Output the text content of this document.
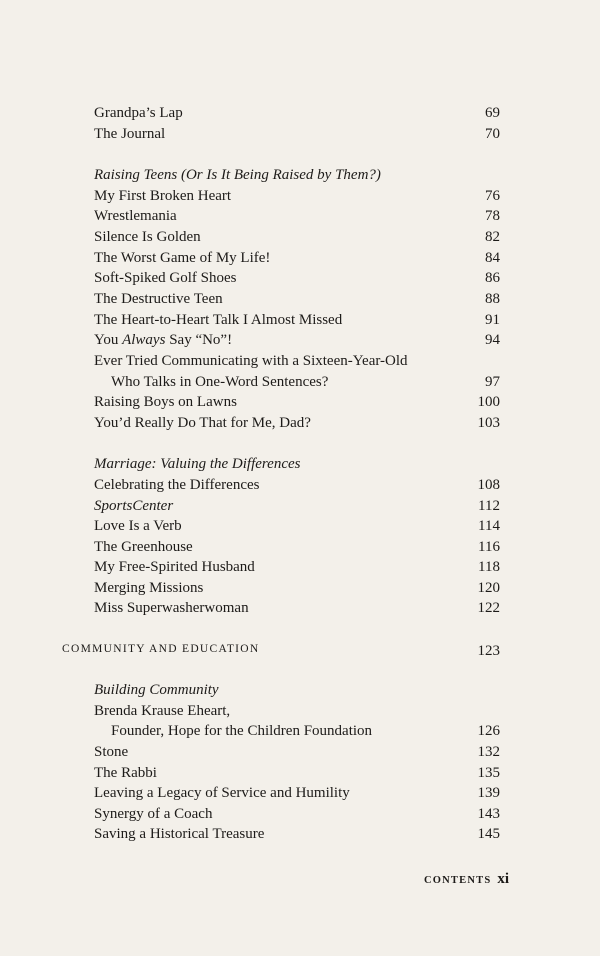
Grandpa’s Lap	69
The Journal	70
Raising Teens (Or Is It Being Raised by Them?)
My First Broken Heart	76
Wrestlemania	78
Silence Is Golden	82
The Worst Game of My Life!	84
Soft-Spiked Golf Shoes	86
The Destructive Teen	88
The Heart-to-Heart Talk I Almost Missed	91
You Always Say “No”!	94
Ever Tried Communicating with a Sixteen-Year-Old
Who Talks in One-Word Sentences?	97
Raising Boys on Lawns	100
You’d Really Do That for Me, Dad?	103
Marriage: Valuing the Differences
Celebrating the Differences	108
SportsCenter	112
Love Is a Verb	114
The Greenhouse	116
My Free-Spirited Husband	118
Merging Missions	120
Miss Superwasherwoman	122
COMMUNITY AND EDUCATION	123
Building Community
Brenda Krause Eheart,
Founder, Hope for the Children Foundation	126
Stone	132
The Rabbi	135
Leaving a Legacy of Service and Humility	139
Synergy of a Coach	143
Saving a Historical Treasure	145
CONTENTS xi
